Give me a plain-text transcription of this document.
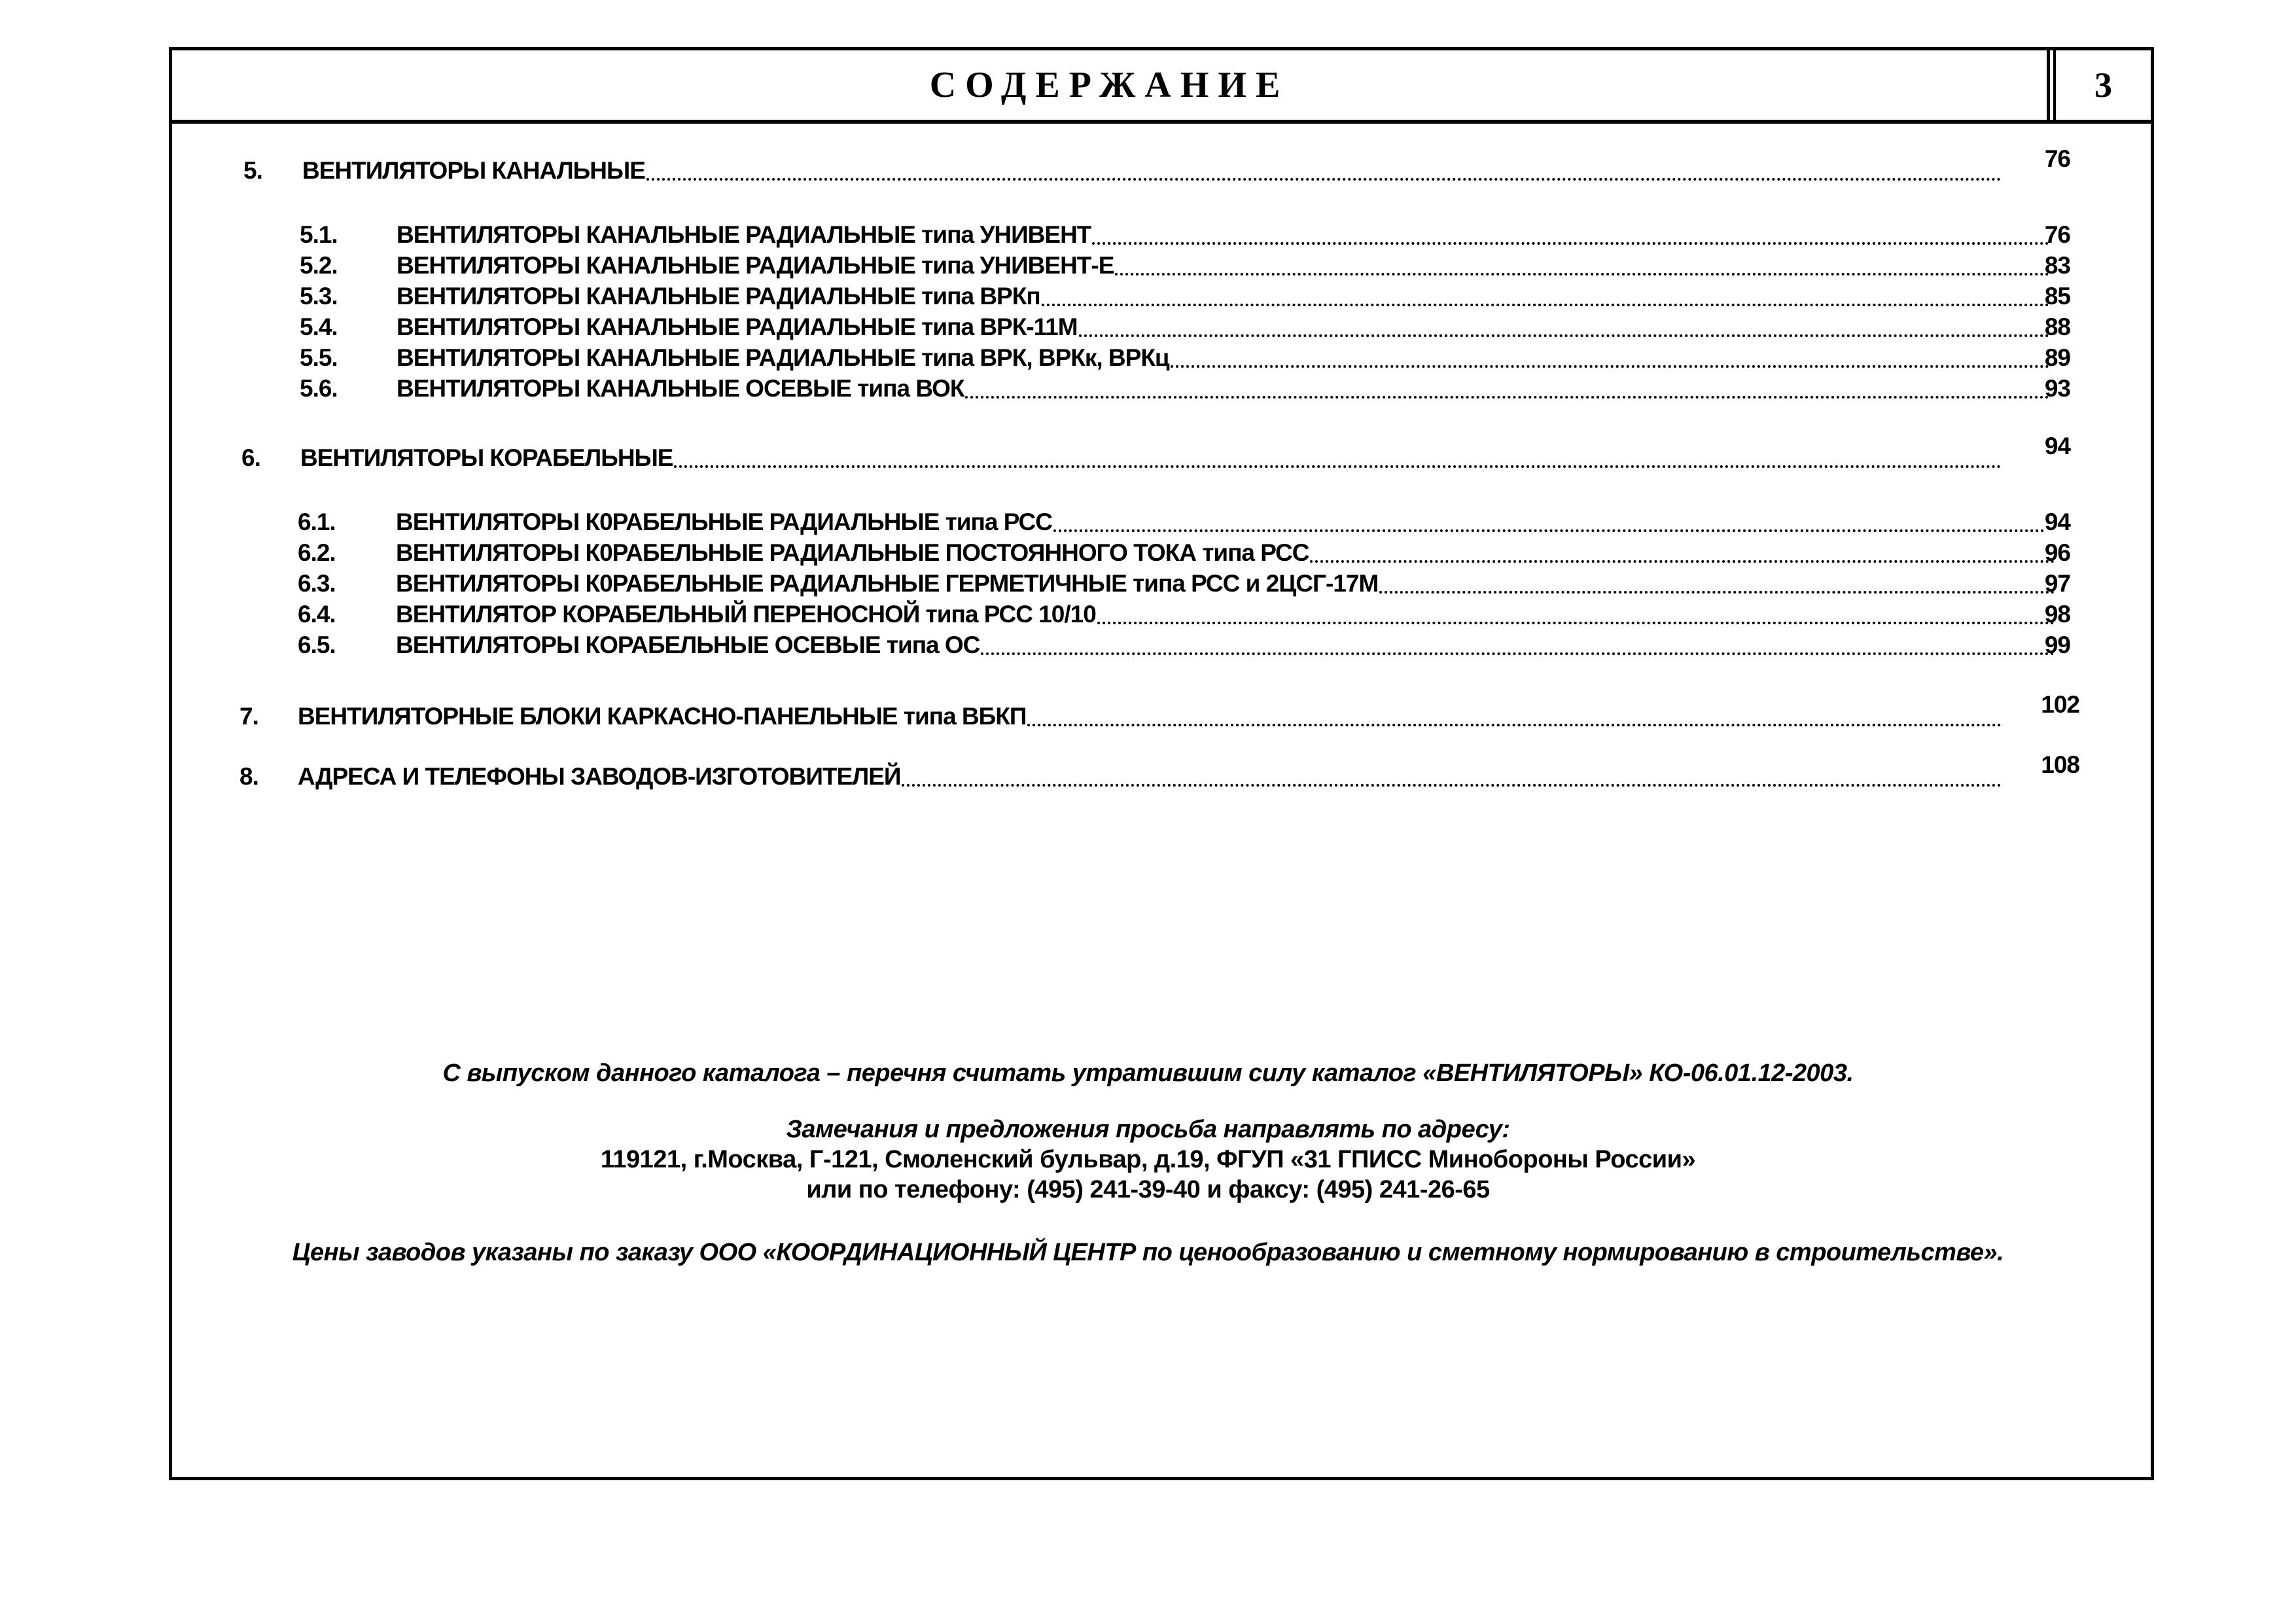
СОДЕРЖАНИЕ	3
5. ВЕНТИЛЯТОРЫ КАНАЛЬНЫЕ	76
5.1. ВЕНТИЛЯТОРЫ КАНАЛЬНЫЕ РАДИАЛЬНЫЕ типа УНИВЕНТ	76
5.2. ВЕНТИЛЯТОРЫ КАНАЛЬНЫЕ РАДИАЛЬНЫЕ типа УНИВЕНТ-Е	83
5.3. ВЕНТИЛЯТОРЫ КАНАЛЬНЫЕ РАДИАЛЬНЫЕ типа ВРКп	85
5.4. ВЕНТИЛЯТОРЫ КАНАЛЬНЫЕ РАДИАЛЬНЫЕ типа ВРК-11М	88
5.5. ВЕНТИЛЯТОРЫ КАНАЛЬНЫЕ РАДИАЛЬНЫЕ типа ВРК, ВРКк, ВРКц	89
5.6. ВЕНТИЛЯТОРЫ КАНАЛЬНЫЕ ОСЕВЫЕ типа ВОК	93
6. ВЕНТИЛЯТОРЫ КОРАБЕЛЬНЫЕ	94
6.1. ВЕНТИЛЯТОРЫ К0РАБЕЛЬНЫЕ РАДИАЛЬНЫЕ типа РСС	94
6.2. ВЕНТИЛЯТОРЫ К0РАБЕЛЬНЫЕ РАДИАЛЬНЫЕ ПОСТОЯННОГО ТОКА типа РСС	96
6.3. ВЕНТИЛЯТОРЫ К0РАБЕЛЬНЫЕ РАДИАЛЬНЫЕ ГЕРМЕТИЧНЫЕ типа РСС и 2ЦСГ-17М	97
6.4. ВЕНТИЛЯТОР КОРАБЕЛЬНЫЙ ПЕРЕНОСНОЙ типа РСС 10/10	98
6.5. ВЕНТИЛЯТОРЫ КОРАБЕЛЬНЫЕ ОСЕВЫЕ типа ОС	99
7. ВЕНТИЛЯТОРНЫЕ БЛОКИ КАРКАСНО-ПАНЕЛЬНЫЕ типа ВБКП	102
8. АДРЕСА И ТЕЛЕФОНЫ ЗАВОДОВ-ИЗГОТОВИТЕЛЕЙ	108
С выпуском данного каталога – перечня считать утратившим силу каталог «ВЕНТИЛЯТОРЫ» КО-06.01.12-2003.
Замечания и предложения просьба направлять по адресу:
119121, г.Москва, Г-121, Смоленский бульвар, д.19, ФГУП «31 ГПИСС Минобороны России»
или по телефону: (495) 241-39-40 и факсу: (495) 241-26-65
Цены заводов указаны по заказу ООО «КООРДИНАЦИОННЫЙ ЦЕНТР по ценообразованию и сметному нормированию в строительстве».
